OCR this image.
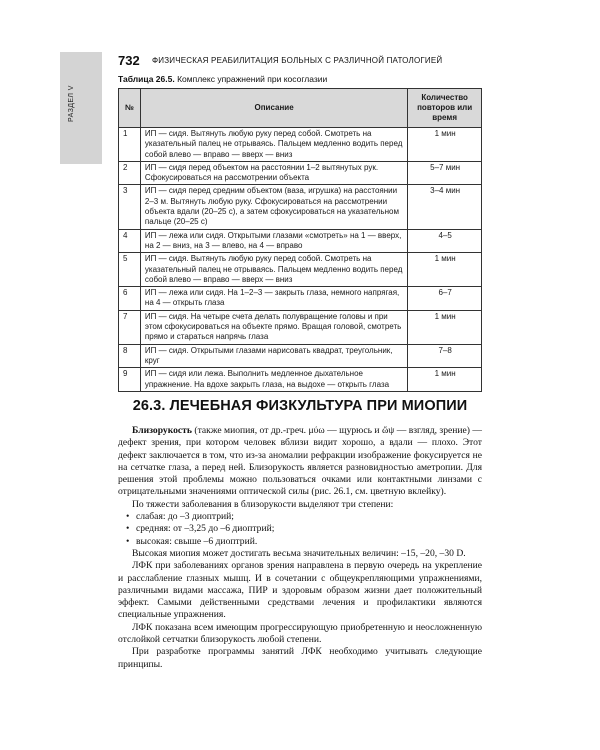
РАЗДЕЛ V
732 ФИЗИЧЕСКАЯ РЕАБИЛИТАЦИЯ БОЛЬНЫХ С РАЗЛИЧНОЙ ПАТОЛОГИЕЙ
Таблица 26.5. Комплекс упражнений при косоглазии
№	Описание	Количество повторов или время
1	ИП — сидя. Вытянуть любую руку перед собой. Смотреть на указательный палец не отрываясь. Пальцем медленно водить перед собой влево — вправо — вверх — вниз	1 мин
2	ИП — сидя перед объектом на расстоянии 1–2 вытянутых рук. Сфокусироваться на рассмотрении объекта	5–7 мин
3	ИП — сидя перед средним объектом (ваза, игрушка) на расстоянии 2–3 м. Вытянуть любую руку. Сфокусироваться на рассмотрении объекта вдали (20–25 с), а затем сфокусироваться на указательном пальце (20–25 с)	3–4 мин
4	ИП — лежа или сидя. Открытыми глазами «смотреть» на 1 — вверх, на 2 — вниз, на 3 — влево, на 4 — вправо	4–5
5	ИП — сидя. Вытянуть любую руку перед собой. Смотреть на указательный палец не отрываясь. Пальцем медленно водить перед собой влево — вправо — вверх — вниз	1 мин
6	ИП — лежа или сидя. На 1–2–3 — закрыть глаза, немного напрягая, на 4 — открыть глаза	6–7
7	ИП — сидя. На четыре счета делать полувращение головы и при этом сфокусироваться на объекте прямо. Вращая головой, смотреть прямо и стараться напрячь глаза	1 мин
8	ИП — сидя. Открытыми глазами нарисовать квадрат, треугольник, круг	7–8
9	ИП — сидя или лежа. Выполнить медленное дыхательное упражнение. На вдохе закрыть глаза, на выдохе — открыть глаза	1 мин
26.3. ЛЕЧЕБНАЯ ФИЗКУЛЬТУРА ПРИ МИОПИИ

Близорукость (также миопия, от др.-греч. μύω — щурюсь и ὤψ — взгляд, зрение) — дефект зрения, при котором человек вблизи видит хорошо, а вдали — плохо. Этот дефект заключается в том, что из-за аномалии рефракции изображение фокусируется не на сетчатке глаза, а перед ней. Близорукость является разновидностью аметропии. Для решения этой проблемы можно пользоваться очками или контактными линзами с отрицательными значениями оптической силы (рис. 26.1, см. цветную вклейку).

По тяжести заболевания в близорукости выделяют три степени:

• слабая: до –3 диоптрий;
• средняя: от –3,25 до –6 диоптрий;
• высокая: свыше –6 диоптрий.

Высокая миопия может достигать весьма значительных величин: –15, –20, –30 D.

ЛФК при заболеваниях органов зрения направлена в первую очередь на укрепление и расслабление глазных мышц. И в сочетании с общеукрепляющими упражнениями, различными видами массажа, ПИР и здоровым образом жизни дает положительный эффект. Самыми действенными средствами лечения и профилактики являются специальные упражнения.

ЛФК показана всем имеющим прогрессирующую приобретенную и неосложненную отслойкой сетчатки близорукость любой степени.

При разработке программы занятий ЛФК необходимо учитывать следующие принципы.
